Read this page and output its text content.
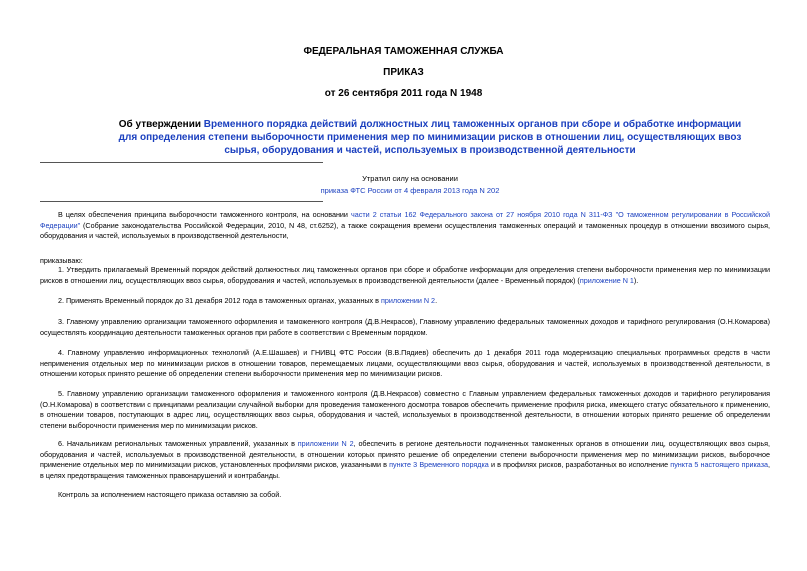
ФЕДЕРАЛЬНАЯ ТАМОЖЕННАЯ СЛУЖБА
ПРИКАЗ
от 26 сентября 2011 года N 1948
Об утверждении Временного порядка действий должностных лиц таможенных органов при сборе и обработке информации для определения степени выборочности применения мер по минимизации рисков в отношении лиц, осуществляющих ввоз сырья, оборудования и частей, используемых в производственной деятельности
Утратил силу на основании
приказа ФТС России от 4 февраля 2013 года N 202
В целях обеспечения принципа выборочности таможенного контроля, на основании части 2 статьи 162 Федерального закона от 27 ноября 2010 года N 311-ФЗ "О таможенном регулировании в Российской Федерации" (Собрание законодательства Российской Федерации, 2010, N 48, ст.6252), а также сокращения времени осуществления таможенных операций и таможенных процедур в отношении ввозимого сырья, оборудования и частей, используемых в производственной деятельности,
приказываю:
1. Утвердить прилагаемый Временный порядок действий должностных лиц таможенных органов при сборе и обработке информации для определения степени выборочности применения мер по минимизации рисков в отношении лиц, осуществляющих ввоз сырья, оборудования и частей, используемых в производственной деятельности (далее - Временный порядок) (приложение N 1).
2. Применять Временный порядок до 31 декабря 2012 года в таможенных органах, указанных в приложении N 2.
3. Главному управлению организации таможенного оформления и таможенного контроля (Д.В.Некрасов), Главному управлению федеральных таможенных доходов и тарифного регулирования (О.Н.Комарова) осуществлять координацию деятельности таможенных органов при работе в соответствии с Временным порядком.
4. Главному управлению информационных технологий (А.Е.Шашаев) и ГНИВЦ ФТС России (В.В.Пядиев) обеспечить до 1 декабря 2011 года модернизацию специальных программных средств в части неприменения отдельных мер по минимизации рисков в отношении товаров, перемещаемых лицами, осуществляющими ввоз сырья, оборудования и частей, используемых в производственной деятельности, в отношении которых принято решение об определении степени выборочности применения мер по минимизации рисков.
5. Главному управлению организации таможенного оформления и таможенного контроля (Д.В.Некрасов) совместно с Главным управлением федеральных таможенных доходов и тарифного регулирования (О.Н.Комарова) в соответствии с принципами реализации случайной выборки для проведения таможенного досмотра товаров обеспечить применение профиля риска, имеющего статус обязательного к применению, в отношении товаров, поступающих в адрес лиц, осуществляющих ввоз сырья, оборудования и частей, используемых в производственной деятельности, в отношении которых принято решение об определении степени выборочности применения мер по минимизации рисков.
6. Начальникам региональных таможенных управлений, указанных в приложении N 2, обеспечить в регионе деятельности подчиненных таможенных органов в отношении лиц, осуществляющих ввоз сырья, оборудования и частей, используемых в производственной деятельности, в отношении которых принято решение об определении степени выборочности применения мер по минимизации рисков, выборочное применение отдельных мер по минимизации рисков, установленных профилями рисков, указанными в пункте 3 Временного порядка и в профилях рисков, разработанных во исполнение пункта 5 настоящего приказа, в целях предотвращения таможенных правонарушений и контрабанды.
Контроль за исполнением настоящего приказа оставляю за собой.
